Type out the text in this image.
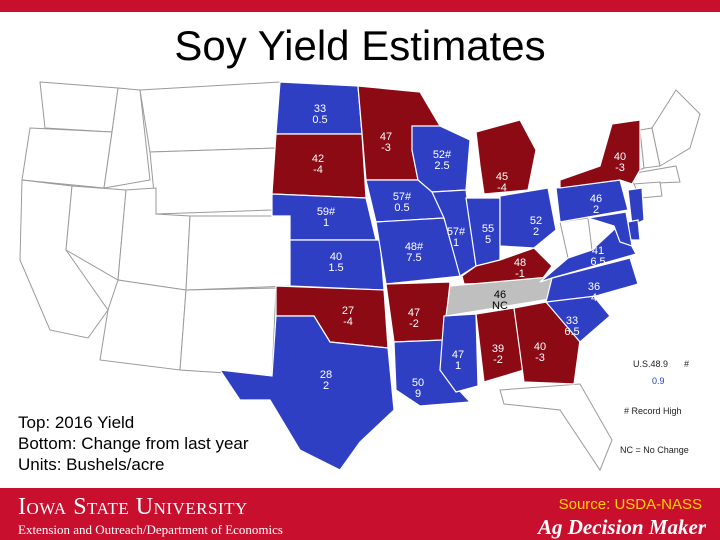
Soy Yield Estimates
33
0.5
42
-4
59#
1
40
1.5
27
-4
28
2
47
-3
57#
0.5
48#
7.5
47
-2
50
9
52#
2.5
57#
1
45
-4
55
5
52
2
48
-1
46
NC
47
1
39
-2
40
-3
33
6.5
36
4
41
6.5
46
2
40
-3
41
9
46
6
45
5
U.S.48.9 #
0.9
# Record High
NC = No Change
Top: 2016 Yield
Bottom: Change from last year
Units: Bushels/acre
Iowa State University
Extension and Outreach/Department of Economics
Source: USDA-NASS
Ag Decision Maker
